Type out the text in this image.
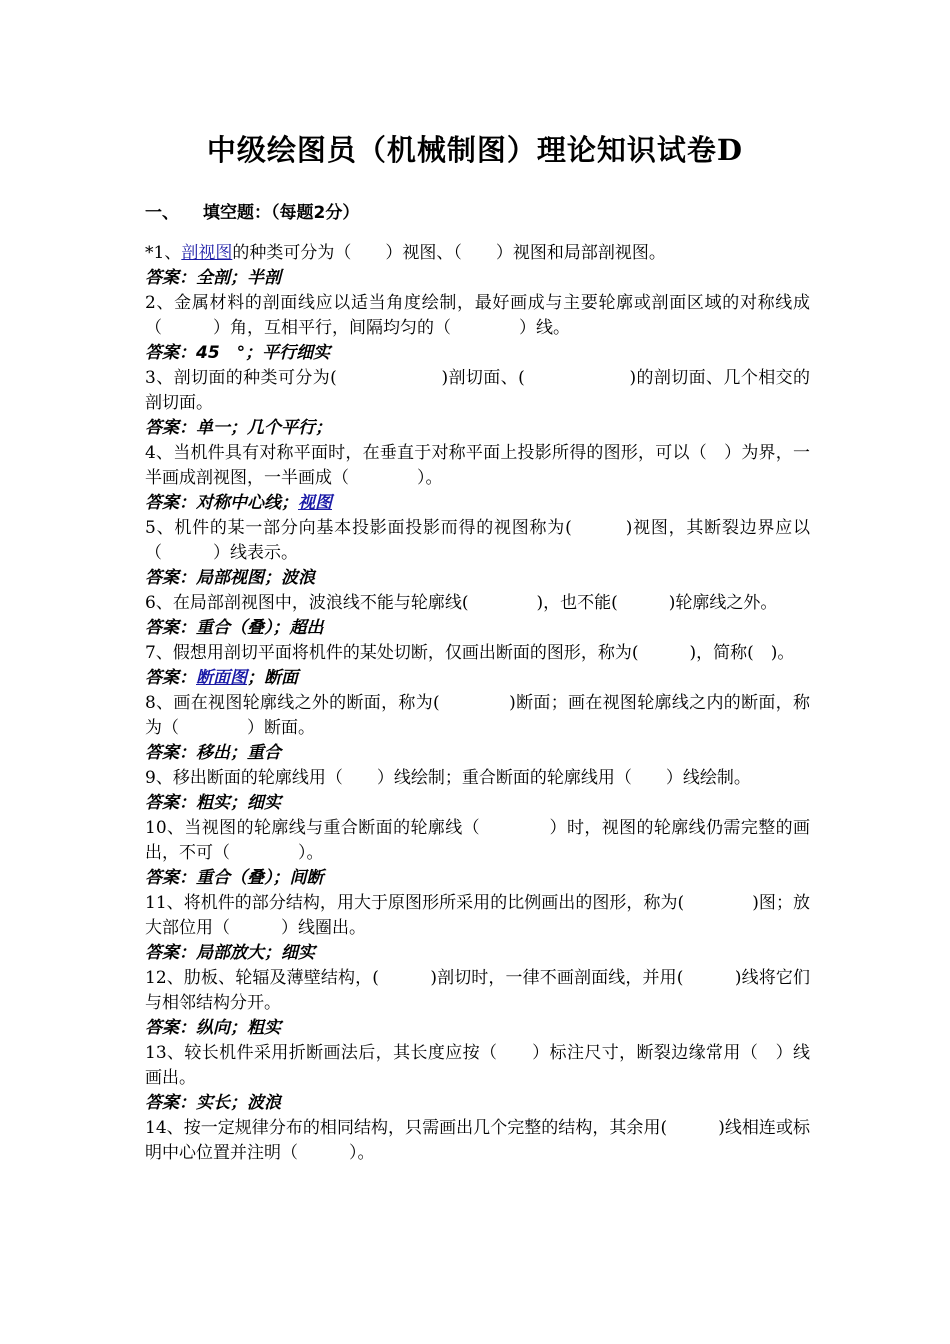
中级绘图员（机械制图）理论知识试卷D
一、 填空题：（每题2分）

*1、剖视图的种类可分为（　　）视图、（　　）视图和局部剖视图。

答案：全剖；半剖

2、金属材料的剖面线应以适当角度绘制，最好画成与主要轮廓或剖面区域的对称线成（　　　）角，互相平行，间隔均匀的（　　　　）线。

答案：45　°；平行细实

3、剖切面的种类可分为(　　　　　　)剖切面、(　　　　　　)的剖切面、几个相交的剖切面。

答案：单一；几个平行；

4、当机件具有对称平面时，在垂直于对称平面上投影所得的图形，可以（　）为界，一半画成剖视图，一半画成（　　　　）。

答案：对称中心线；视图

5、机件的某一部分向基本投影面投影而得的视图称为(　　　)视图，其断裂边界应以（　　　）线表示。

答案：局部视图；波浪

6、在局部剖视图中，波浪线不能与轮廓线(　　　　)，也不能(　　　)轮廓线之外。

答案：重合（叠）；超出

7、假想用剖切平面将机件的某处切断，仅画出断面的图形，称为(　　　)，简称(　)。

答案：断面图；断面

8、画在视图轮廓线之外的断面，称为(　　　　)断面；画在视图轮廓线之内的断面，称为（　　　　）断面。

答案：移出；重合

9、移出断面的轮廓线用（　　）线绘制；重合断面的轮廓线用（　　）线绘制。

答案：粗实；细实

10、当视图的轮廓线与重合断面的轮廓线（　　　　）时，视图的轮廓线仍需完整的画出，不可（　　　　）。

答案：重合（叠）；间断

11、将机件的部分结构，用大于原图形所采用的比例画出的图形，称为(　　　　)图；放大部位用（　　　）线圈出。

答案：局部放大；细实

12、肋板、轮辐及薄壁结构，(　　　)剖切时，一律不画剖面线，并用(　　　)线将它们与相邻结构分开。

答案：纵向；粗实

13、较长机件采用折断画法后，其长度应按（　　）标注尺寸，断裂边缘常用（　）线画出。

答案：实长；波浪

14、按一定规律分布的相同结构，只需画出几个完整的结构，其余用(　　　)线相连或标明中心位置并注明（　　　）。
